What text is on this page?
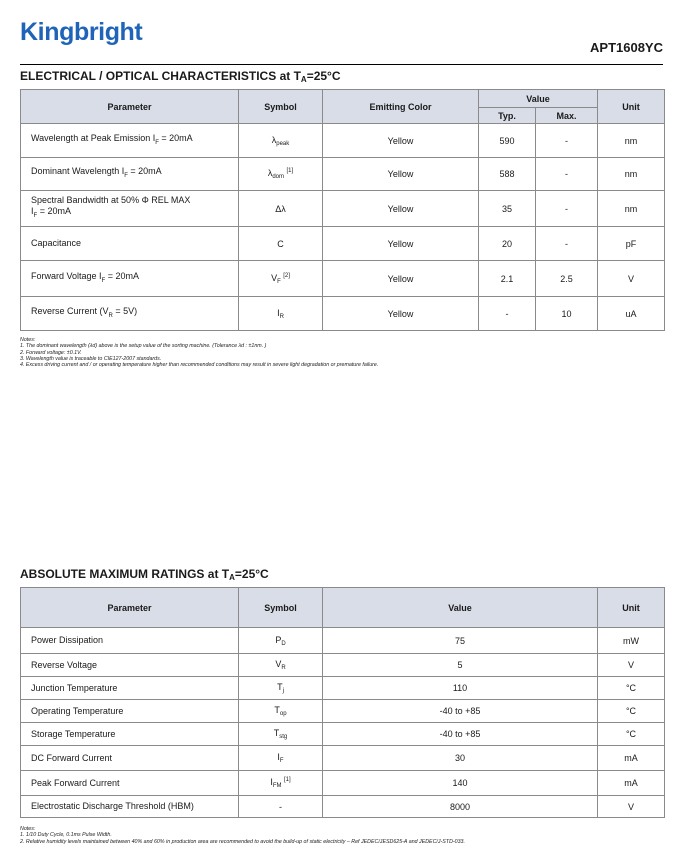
Kingbright
APT1608YC
ELECTRICAL / OPTICAL CHARACTERISTICS at $T_A=25^\circ C$
Parameter	Symbol	Emitting Color	Value		Unit
			Typ.	Max.	
Wavelength at Peak Emission $I_F = 20mA$	$\lambda_{peak}$	Yellow	590	-	nm
Dominant Wavelength $I_F = 20mA$	$\lambda_{dom}$ [1]	Yellow	588	-	nm
Spectral Bandwidth at 50% Φ REL MAX
$I_F = 20mA$	Δλ	Yellow	35	-	nm
Capacitance	C	Yellow	20	-	pF
Forward Voltage $I_F = 20mA$	$V_F$ [2]	Yellow	2.1	2.5	V
Reverse Current $(V_R = 5V)$	$I_R$	Yellow	-	10	uA
Notes:
1. The dominant wavelength (λd) above is the setup value of the sorting machine. (Tolerance λd : ±1nm. )
2. Forward voltage: ±0.1V.
3. Wavelength value is traceable to CIE127-2007 standards.
4. Excess driving current and / or operating temperature higher than recommended conditions may result in severe light degradation or premature failure.
ABSOLUTE MAXIMUM RATINGS at $T_A=25^\circ C$
Parameter	Symbol	Value	Unit
Power Dissipation	$P_D$	75	mW
Reverse Voltage	$V_R$	5	V
Junction Temperature	$T_j$	110	°C
Operating Temperature	$T_{op}$	-40 to +85	°C
Storage Temperature	$T_{stg}$	-40 to +85	°C
DC Forward Current	$I_F$	30	mA
Peak Forward Current	$I_{FM}$ [1]	140	mA
Electrostatic Discharge Threshold (HBM)	-	8000	V
Notes:
1. 1/10 Duty Cycle, 0.1ms Pulse Width.
2. Relative humidity levels maintained between 40% and 60% in production area are recommended to avoid the build-up of static electricity – Ref JEDEC/JESD625-A and JEDEC/J-STD-033.
